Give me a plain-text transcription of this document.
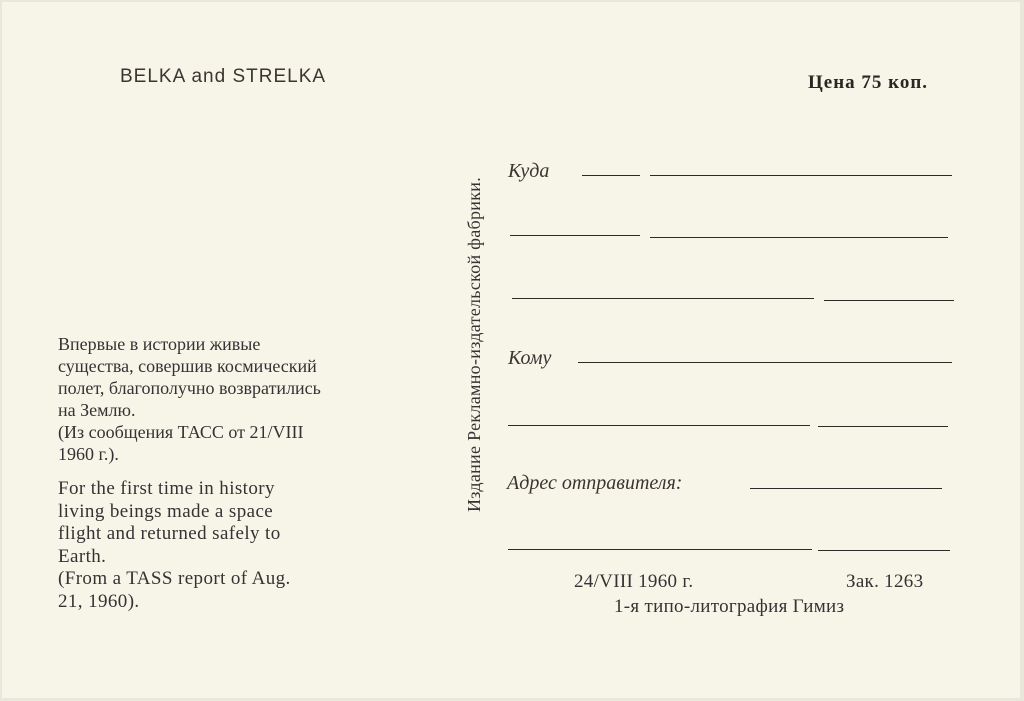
BELKA and STRELKA	Цена 75 коп.
Впервые в истории живые
существа, совершив космический
полет, благополучно возвратились
на Землю.
(Из сообщения ТАСС от 21/VIII
1960 г.).
For the first time in history
living beings made a space
flight and returned safely to
Earth.
(From a TASS report of Aug.
21, 1960).
Издание Рекламно-издательской фабрики.
Куда
Кому
Адрес отправителя:
24/VIII 1960 г.	Зак. 1263
1-я типо-литография Гимиз
